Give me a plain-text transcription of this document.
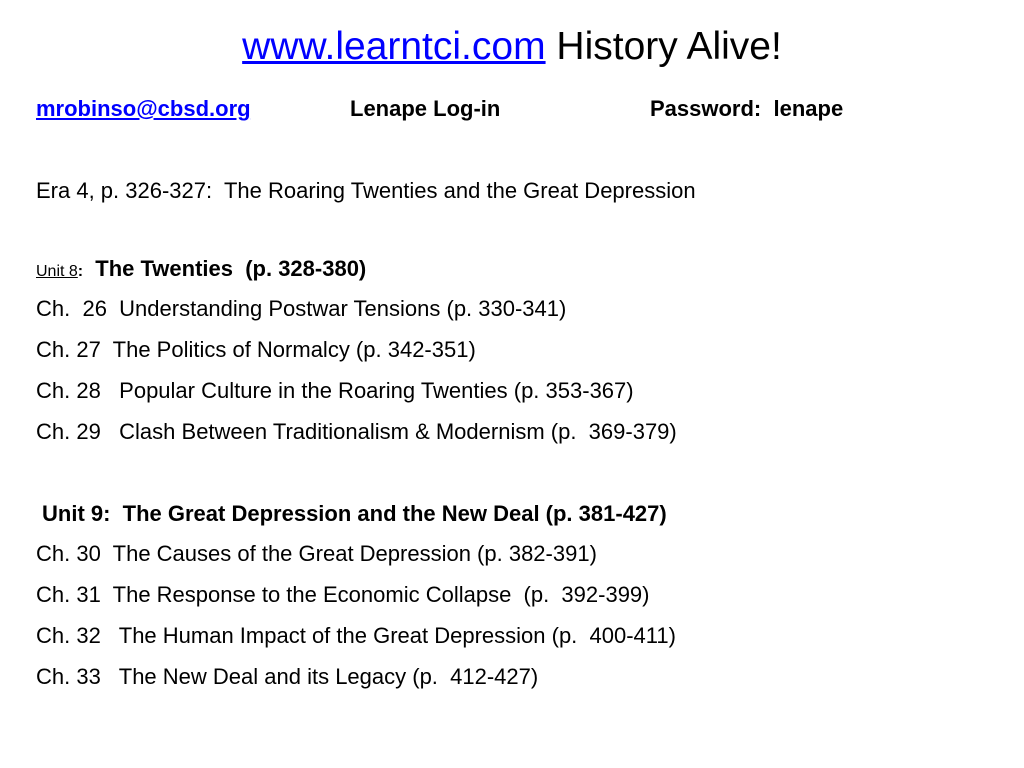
www.learntci.com History Alive!
mrobinso@cbsd.org	Lenape Log-in	Password:  lenape
Era 4, p. 326-327:  The Roaring Twenties and the Great Depression
Unit 8: The Twenties  (p. 328-380)
Ch.  26  Understanding Postwar Tensions (p. 330-341)
Ch. 27  The Politics of Normalcy (p. 342-351)
Ch. 28   Popular Culture in the Roaring Twenties (p. 353-367)
Ch. 29   Clash Between Traditionalism & Modernism (p.  369-379)
Unit 9:  The Great Depression and the New Deal (p. 381-427)
Ch. 30  The Causes of the Great Depression (p. 382-391)
Ch. 31  The Response to the Economic Collapse  (p.  392-399)
Ch. 32   The Human Impact of the Great Depression (p.  400-411)
Ch. 33   The New Deal and its Legacy (p.  412-427)
